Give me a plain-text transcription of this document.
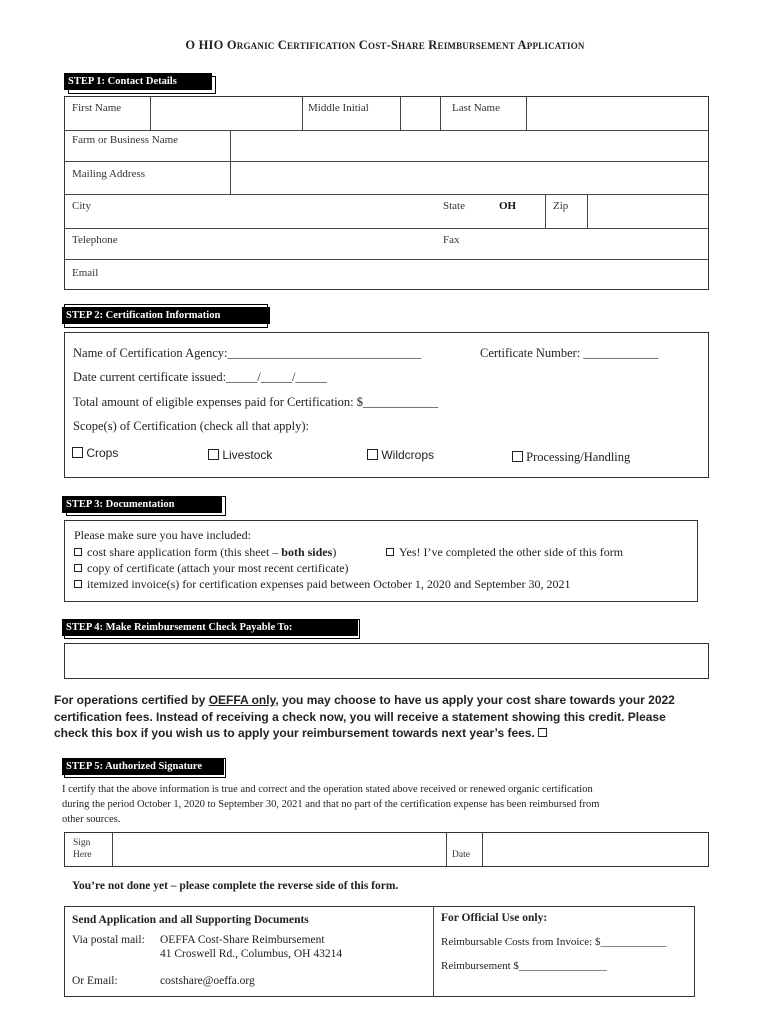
O HIO Organic Certification Cost-Share Reimbursement Application
STEP 1: Contact Details
First Name	Middle Initial	Last Name
Farm or Business Name
Mailing Address
City	State	OH	Zip
Telephone	Fax
Email
STEP 2: Certification Information
Name of Certification Agency:_______________________________	Certificate Number: ____________
Date current certificate issued:_____/_____/_____
Total amount of eligible expenses paid for Certification: $____________
Scope(s) of Certification (check all that apply):
Crops	Livestock	Wildcrops	Processing/Handling
STEP 3: Documentation
Please make sure you have included:
cost share application form (this sheet – both sides)	Yes! I’ve completed the other side of this form
copy of certificate (attach your most recent certificate)
itemized invoice(s) for certification expenses paid between October 1, 2020 and September 30, 2021
STEP 4: Make Reimbursement Check Payable To:
For operations certified by OEFFA only, you may choose to have us apply your cost share towards your 2022
certification fees. Instead of receiving a check now, you will receive a statement showing this credit. Please
check this box if you wish us to apply your reimbursement towards next year’s fees.
STEP 5: Authorized Signature
I certify that the above information is true and correct and the operation stated above received or renewed organic certification
during the period October 1, 2020 to September 30, 2021 and that no part of the certification expense has been reimbursed from
other sources.
Sign
Here	Date
You’re not done yet – please complete the reverse side of this form.
Send Application and all Supporting Documents
Via postal mail: OEFFA Cost-Share Reimbursement
41 Croswell Rd., Columbus, OH 43214
Or Email:	costshare@oeffa.org
For Official Use only:
Reimbursable Costs from Invoice: $____________
Reimbursement $________________
